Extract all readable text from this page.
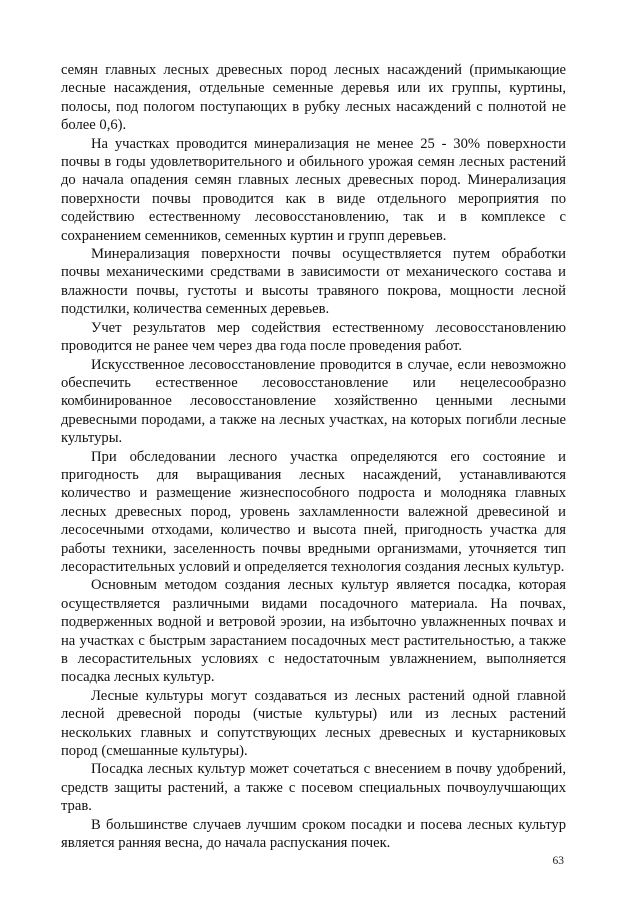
семян главных лесных древесных пород лесных насаждений (примыкающие лесные насаждения, отдельные семенные деревья или их группы, куртины, полосы, под пологом поступающих в рубку лесных насаждений с полнотой не более 0,6).

На участках проводится минерализация не менее 25 - 30% поверхности почвы в годы удовлетворительного и обильного урожая семян лесных растений до начала опадения семян главных лесных древесных пород. Минерализация поверхности почвы проводится как в виде отдельного мероприятия по содействию естественному лесовосстановлению, так и в комплексе с сохранением семенников, семенных куртин и групп деревьев.

Минерализация поверхности почвы осуществляется путем обработки почвы механическими средствами в зависимости от механического состава и влажности почвы, густоты и высоты травяного покрова, мощности лесной подстилки, количества семенных деревьев.

Учет результатов мер содействия естественному лесовосстановлению проводится не ранее чем через два года после проведения работ.

Искусственное лесовосстановление проводится в случае, если невозможно обеспечить естественное лесовосстановление или нецелесообразно комбинированное лесовосстановление хозяйственно ценными лесными древесными породами, а также на лесных участках, на которых погибли лесные культуры.

При обследовании лесного участка определяются его состояние и пригодность для выращивания лесных насаждений, устанавливаются количество и размещение жизнеспособного подроста и молодняка главных лесных древесных пород, уровень захламленности валежной древесиной и лесосечными отходами, количество и высота пней, пригодность участка для работы техники, заселенность почвы вредными организмами, уточняется тип лесорастительных условий и определяется технология создания лесных культур.

Основным методом создания лесных культур является посадка, которая осуществляется различными видами посадочного материала. На почвах, подверженных водной и ветровой эрозии, на избыточно увлажненных почвах и на участках с быстрым зарастанием посадочных мест растительностью, а также в лесорастительных условиях с недостаточным увлажнением, выполняется посадка лесных культур.

Лесные культуры могут создаваться из лесных растений одной главной лесной древесной породы (чистые культуры) или из лесных растений нескольких главных и сопутствующих лесных древесных и кустарниковых пород (смешанные культуры).

Посадка лесных культур может сочетаться с внесением в почву удобрений, средств защиты растений, а также с посевом специальных почвоулучшающих трав.

В большинстве случаев лучшим сроком посадки и посева лесных культур является ранняя весна, до начала распускания почек.

63
